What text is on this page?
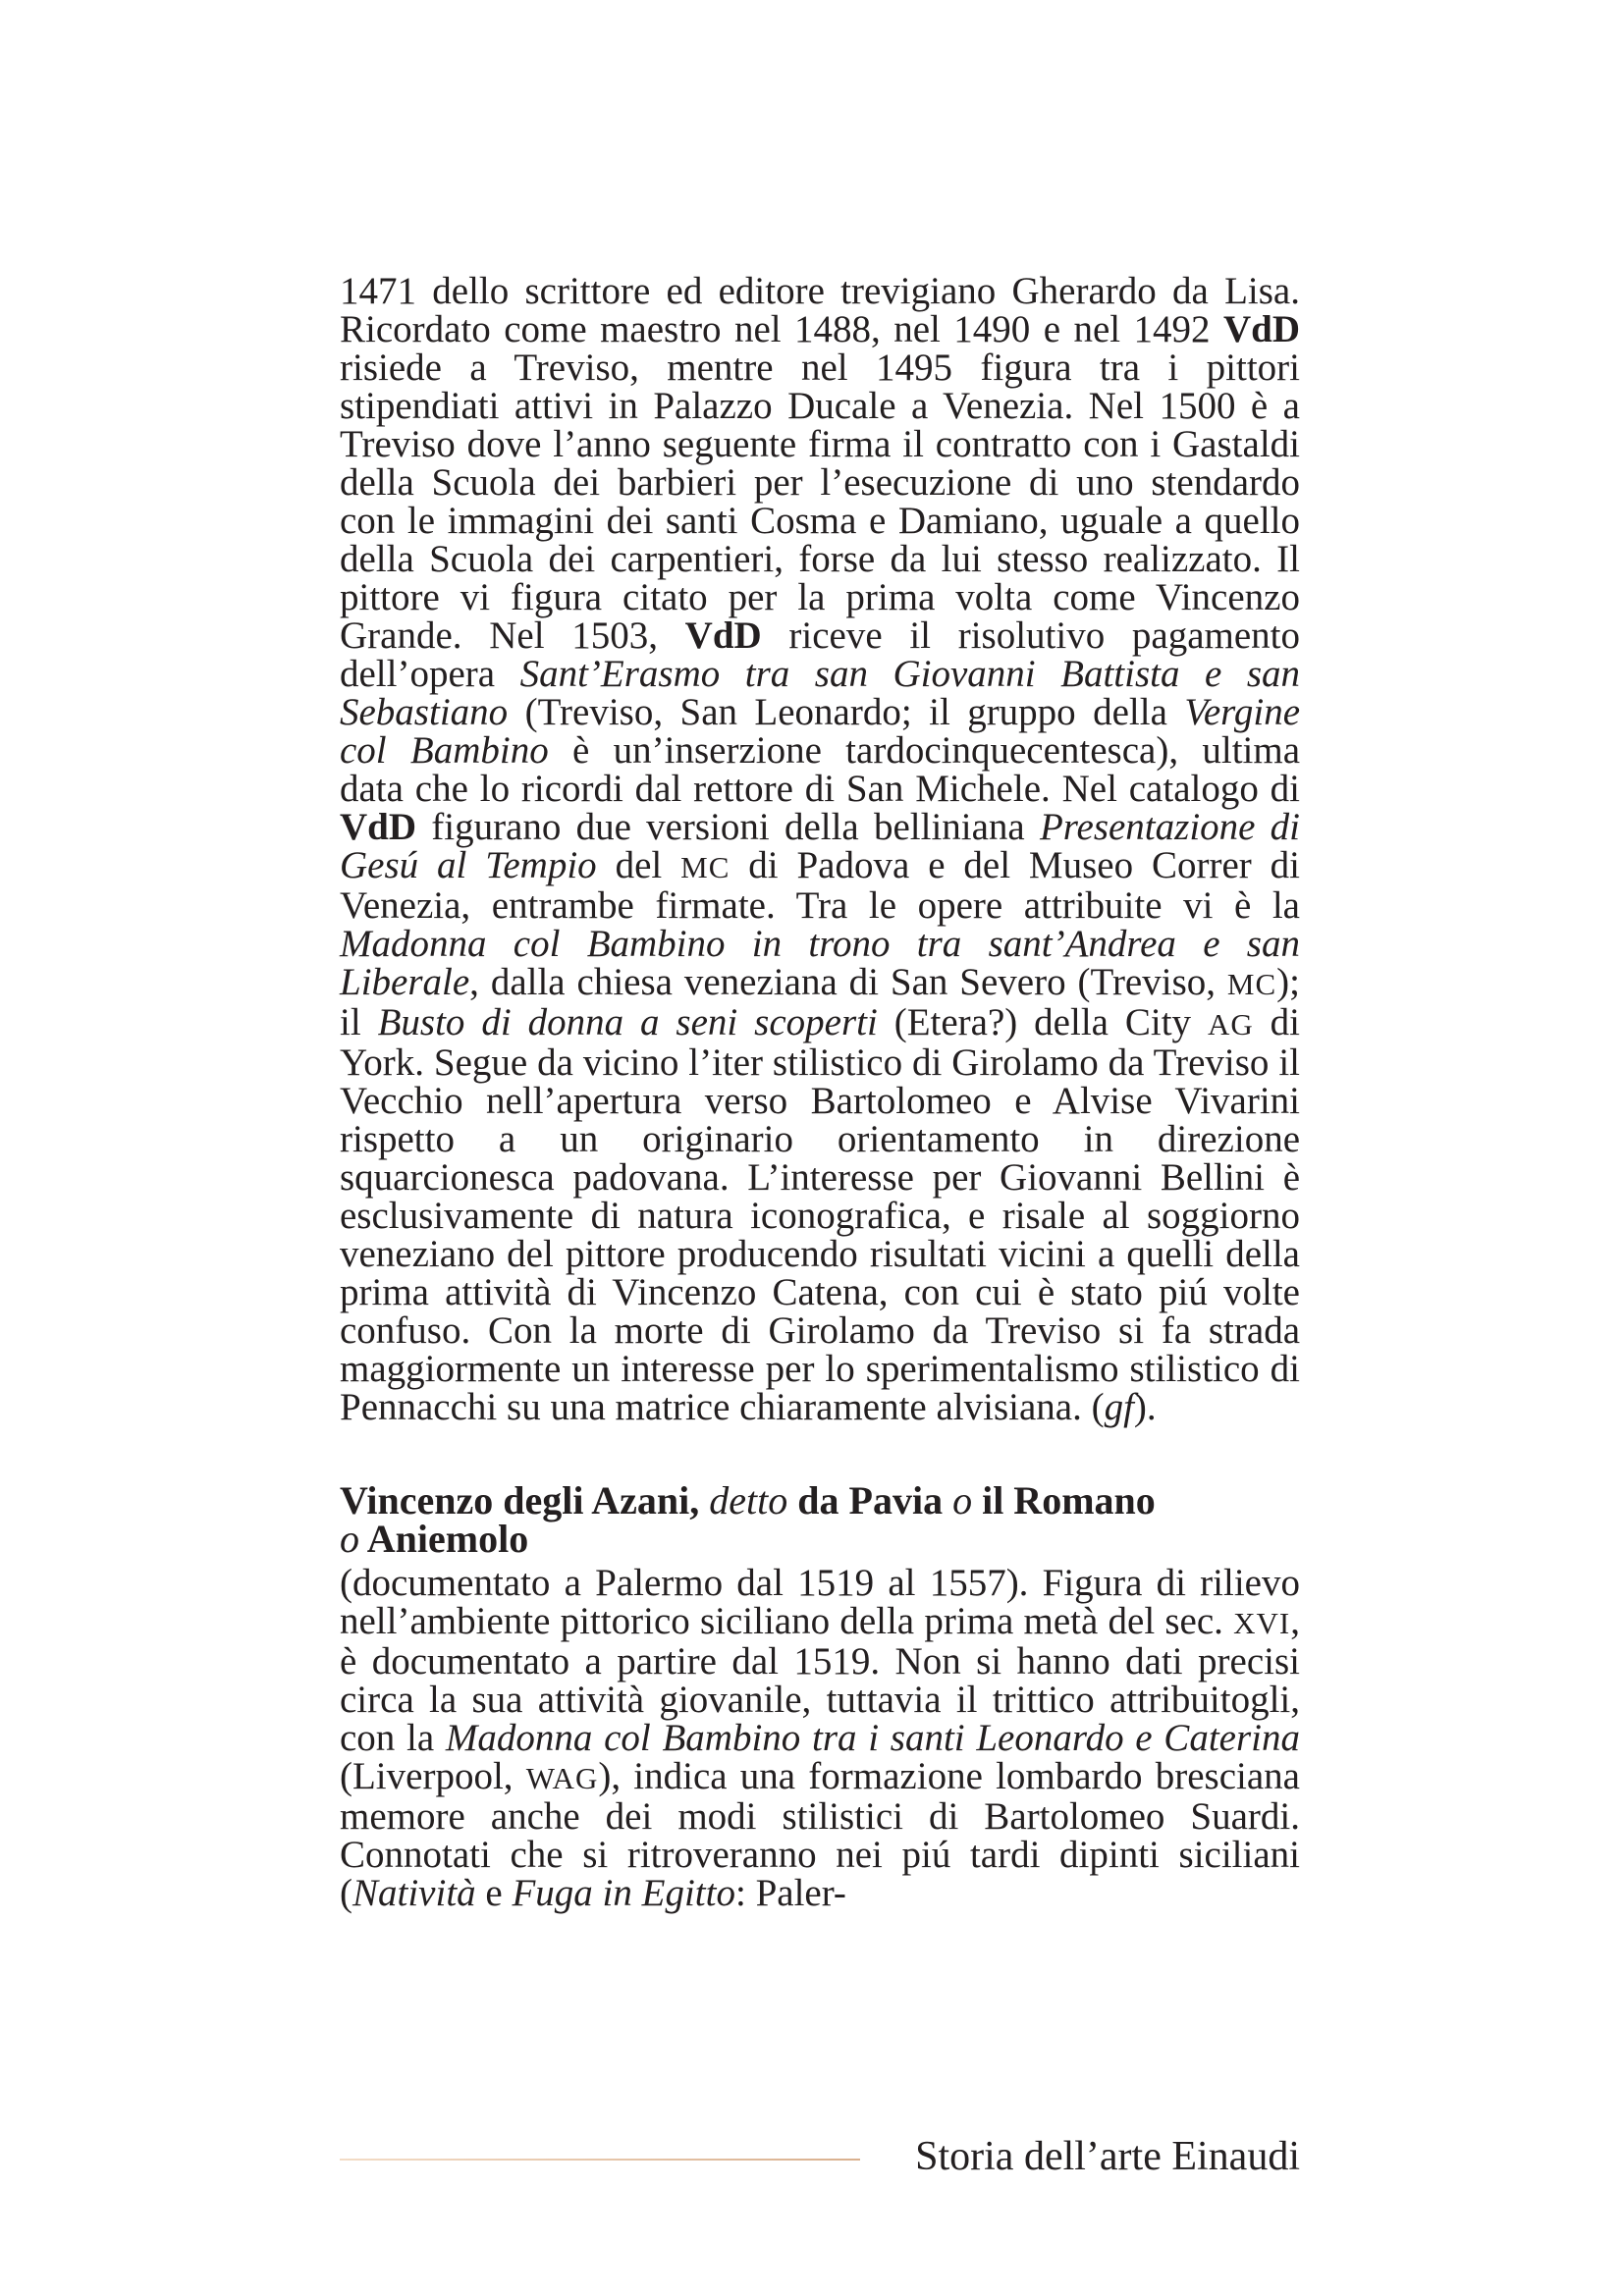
1471 dello scrittore ed editore trevigiano Gherardo da Lisa. Ricordato come maestro nel 1488, nel 1490 e nel 1492 VdD risiede a Treviso, mentre nel 1495 figura tra i pittori stipendiati attivi in Palazzo Ducale a Venezia. Nel 1500 è a Treviso dove l’anno seguente firma il contratto con i Gastaldi della Scuola dei barbieri per l’esecuzione di uno stendardo con le immagini dei santi Cosma e Damiano, uguale a quello della Scuola dei carpentieri, forse da lui stesso realizzato. Il pittore vi figura citato per la prima volta come Vincenzo Grande. Nel 1503, VdD riceve il risolutivo pagamento dell’opera Sant’Erasmo tra san Giovanni Battista e san Sebastiano (Treviso, San Leonardo; il gruppo della Vergine col Bambino è un’inserzione tardocinquecentesca), ultima data che lo ricordi dal rettore di San Michele. Nel catalogo di VdD figurano due versioni della belliniana Presentazione di Gesú al Tempio del MC di Padova e del Museo Correr di Venezia, entrambe firmate. Tra le opere attribuite vi è la Madonna col Bambino in trono tra sant’Andrea e san Liberale, dalla chiesa veneziana di San Severo (Treviso, MC); il Busto di donna a seni scoperti (Etera?) della City AG di York. Segue da vicino l’iter stilistico di Girolamo da Treviso il Vecchio nell’apertura verso Bartolomeo e Alvise Vivarini rispetto a un originario orientamento in direzione squarcionesca padovana. L’interesse per Giovanni Bellini è esclusivamente di natura iconografica, e risale al soggiorno veneziano del pittore producendo risultati vicini a quelli della prima attività di Vincenzo Catena, con cui è stato piú volte confuso. Con la morte di Girolamo da Treviso si fa strada maggiormente un interesse per lo sperimentalismo stilistico di Pennacchi su una matrice chiaramente alvisiana. (gf).

Vincenzo degli Azani, detto da Pavia o il Romano
o Aniemolo

(documentato a Palermo dal 1519 al 1557). Figura di rilievo nell’ambiente pittorico siciliano della prima metà del sec. XVI, è documentato a partire dal 1519. Non si hanno dati precisi circa la sua attività giovanile, tuttavia il trittico attribuitogli, con la Madonna col Bambino tra i santi Leonardo e Caterina (Liverpool, WAG), indica una formazione lombardo bresciana memore anche dei modi stilistici di Bartolomeo Suardi. Connotati che si ritroveranno nei piú tardi dipinti siciliani (Natività e Fuga in Egitto: Paler-

Storia dell’arte Einaudi
